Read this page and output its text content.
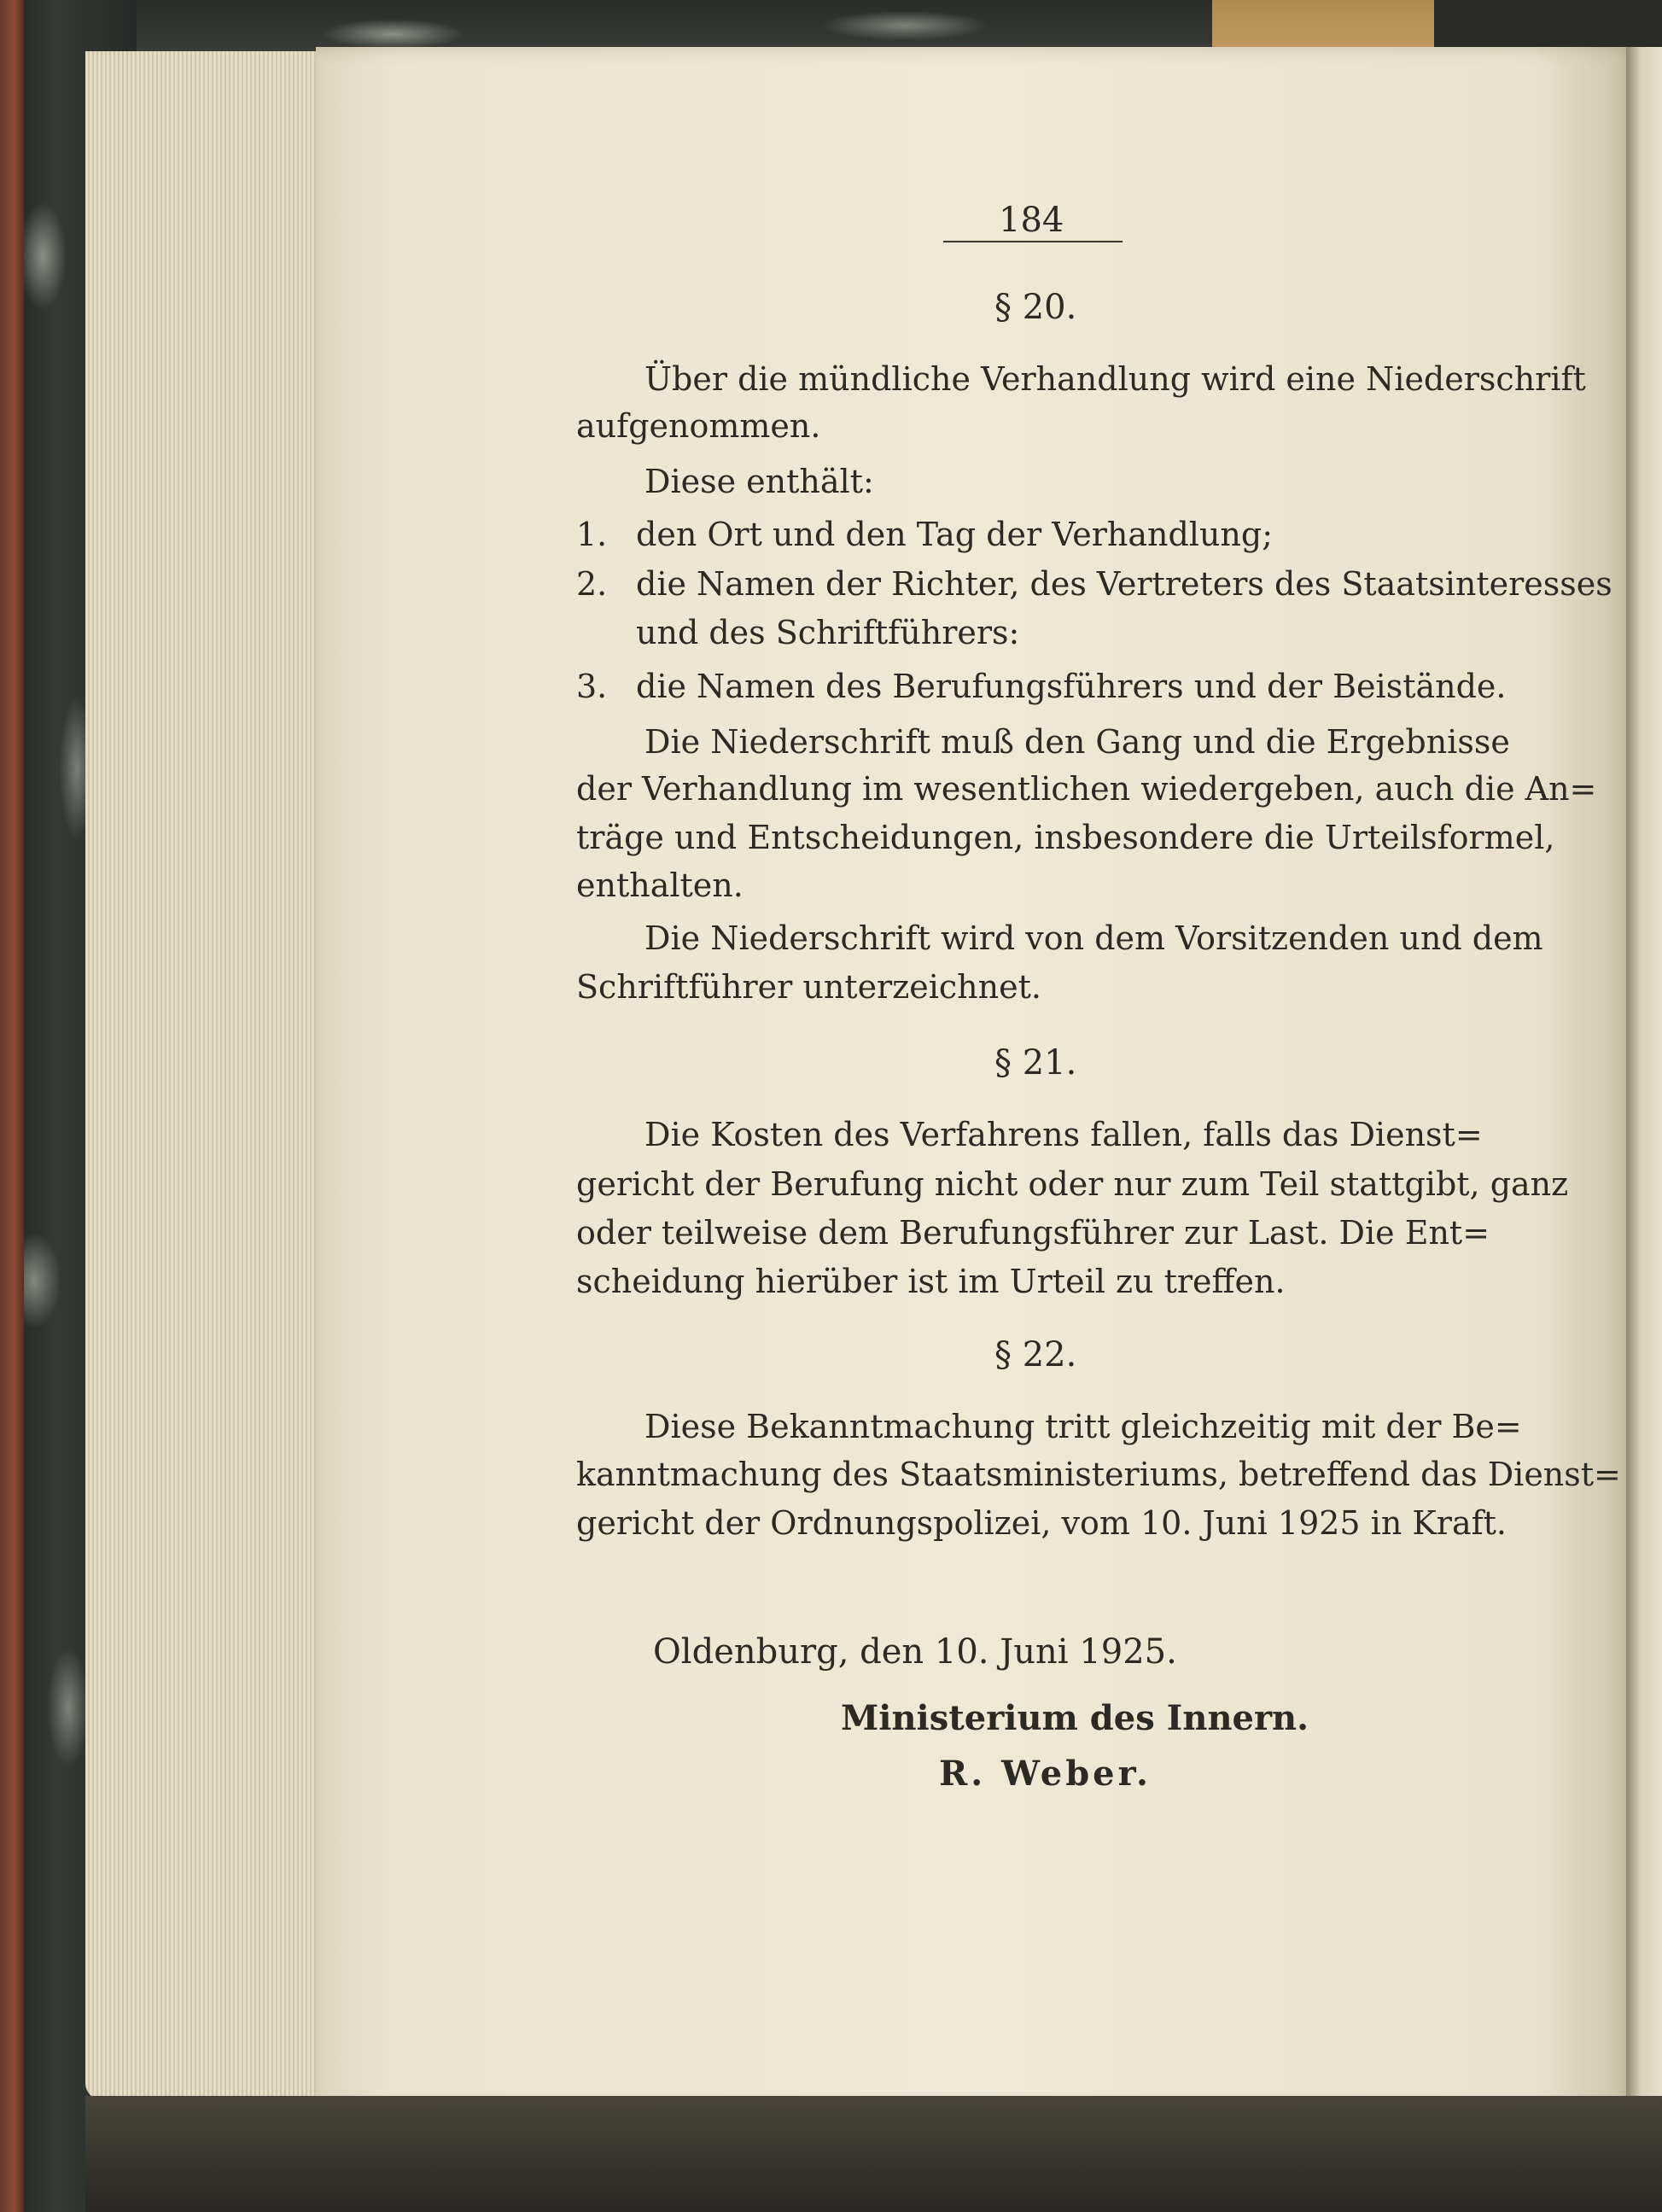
184
§ 20.
Über die mündliche Verhandlung wird eine Niederschrift
aufgenommen.
Diese enthält:
1. den Ort und den Tag der Verhandlung;
2. die Namen der Richter, des Vertreters des Staatsinteresses
und des Schriftführers:
3. die Namen des Berufungsführers und der Beistände.
Die Niederschrift muß den Gang und die Ergebnisse
der Verhandlung im wesentlichen wiedergeben, auch die An=
träge und Entscheidungen, insbesondere die Urteilsformel,
enthalten.
Die Niederschrift wird von dem Vorsitzenden und dem
Schriftführer unterzeichnet.
§ 21.
Die Kosten des Verfahrens fallen, falls das Dienst=
gericht der Berufung nicht oder nur zum Teil stattgibt, ganz
oder teilweise dem Berufungsführer zur Last. Die Ent=
scheidung hierüber ist im Urteil zu treffen.
§ 22.
Diese Bekanntmachung tritt gleichzeitig mit der Be=
kanntmachung des Staatsministeriums, betreffend das Dienst=
gericht der Ordnungspolizei, vom 10. Juni 1925 in Kraft.
Oldenburg, den 10. Juni 1925.
Ministerium des Innern.
R. Weber.
